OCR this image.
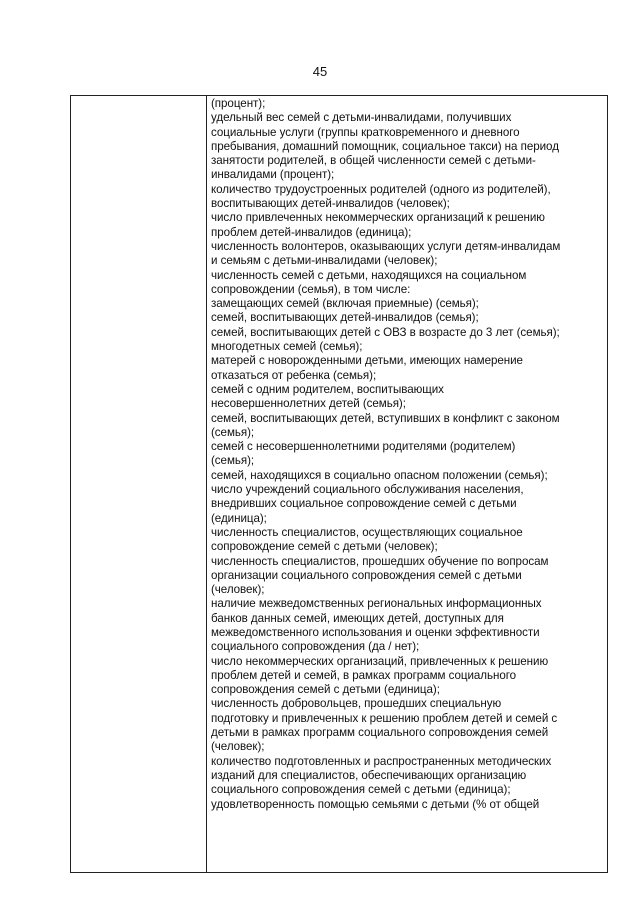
45
(процент);
удельный вес семей с детьми-инвалидами, получивших
социальные услуги (группы кратковременного и дневного
пребывания, домашний помощник, социальное такси) на период
занятости родителей, в общей численности семей с детьми-
инвалидами (процент);
количество трудоустроенных родителей (одного из родителей),
воспитывающих детей-инвалидов (человек);
число привлеченных некоммерческих организаций к решению
проблем детей-инвалидов (единица);
численность волонтеров, оказывающих услуги детям-инвалидам
и семьям с детьми-инвалидами (человек);
численность семей с детьми, находящихся на социальном
сопровождении (семья), в том числе:
замещающих семей (включая приемные) (семья);
семей, воспитывающих детей-инвалидов (семья);
семей, воспитывающих детей с ОВЗ в возрасте до 3 лет (семья);
многодетных семей (семья);
матерей с новорожденными детьми, имеющих намерение
отказаться от ребенка (семья);
семей с одним родителем, воспитывающих
несовершеннолетних детей (семья);
семей, воспитывающих детей, вступивших в конфликт с законом
(семья);
семей с несовершеннолетними родителями (родителем)
(семья);
семей, находящихся в социально опасном положении (семья);
число учреждений социального обслуживания населения,
внедривших социальное сопровождение семей с детьми
(единица);
численность специалистов, осуществляющих социальное
сопровождение семей с детьми (человек);
численность специалистов, прошедших обучение по вопросам
организации социального сопровождения семей с детьми
(человек);
наличие межведомственных региональных информационных
банков данных семей, имеющих детей, доступных для
межведомственного использования и оценки эффективности
социального сопровождения (да / нет);
число некоммерческих организаций, привлеченных к решению
проблем детей и семей, в рамках программ социального
сопровождения семей с детьми (единица);
численность добровольцев, прошедших специальную
подготовку и привлеченных к решению проблем детей и семей с
детьми в рамках программ социального сопровождения семей
(человек);
количество подготовленных и распространенных методических
изданий для специалистов, обеспечивающих организацию
социального сопровождения семей с детьми (единица);
удовлетворенность помощью семьями с детьми (% от общей
